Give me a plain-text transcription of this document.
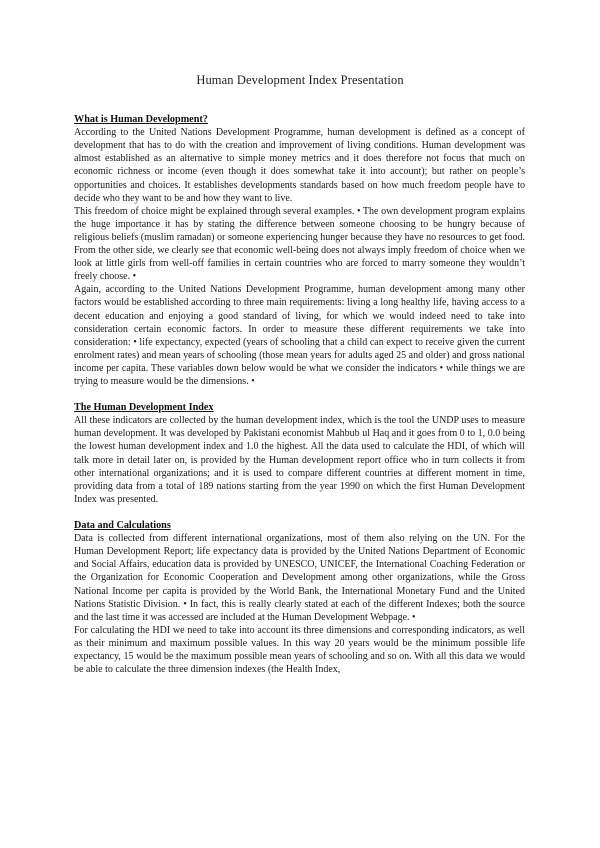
Human Development Index Presentation
What is Human Development?

According to the United Nations Development Programme, human development is defined as a concept of development that has to do with the creation and improvement of living conditions. Human development was almost established as an alternative to simple money metrics and it does therefore not focus that much on economic richness or income (even though it does somewhat take it into account); but rather on people’s opportunities and choices. It establishes developments standards based on how much freedom people have to decide who they want to be and how they want to live.

This freedom of choice might be explained through several examples. • The own development program explains the huge importance it has by stating the difference between someone choosing to be hungry because of religious beliefs (muslim ramadan) or someone experiencing hunger because they have no resources to get food. From the other side, we clearly see that economic well-being does not always imply freedom of choice when we look at little girls from well-off families in certain countries who are forced to marry someone they wouldn’t freely choose. •

Again, according to the United Nations Development Programme, human development among many other factors would be established according to three main requirements: living a long healthy life, having access to a decent education and enjoying a good standard of living, for which we would indeed need to take into consideration certain economic factors. In order to measure these different requirements we take into consideration: • life expectancy, expected (years of schooling that a child can expect to receive given the current enrolment rates) and mean years of schooling (those mean years for adults aged 25 and older) and gross national income per capita. These variables down below would be what we consider the indicators • while things we are trying to measure would be the dimensions. •

The Human Development Index

All these indicators are collected by the human development index, which is the tool the UNDP uses to measure human development. It was developed by Pakistani economist Mahbub ul Haq and it goes from 0 to 1, 0.0 being the lowest human development index and 1.0 the highest. All the data used to calculate the HDI, of which will talk more in detail later on, is provided by the Human development report office who in turn collects it from other international organizations; and it is used to compare different countries at different moment in time, providing data from a total of 189 nations starting from the year 1990 on which the first Human Development Index was presented.

Data and Calculations

Data is collected from different international organizations, most of them also relying on the UN. For the Human Development Report; life expectancy data is provided by the United Nations Department of Economic and Social Affairs, education data is provided by UNESCO, UNICEF, the International Coaching Federation or the Organization for Economic Cooperation and Development among other organizations, while the Gross National Income per capita is provided by the World Bank, the International Monetary Fund and the United Nations Statistic Division. • In fact, this is really clearly stated at each of the different Indexes; both the source and the last time it was accessed are included at the Human Development Webpage. •

For calculating the HDI we need to take into account its three dimensions and corresponding indicators, as well as their minimum and maximum possible values. In this way 20 years would be the minimum possible life expectancy, 15 would be the maximum possible mean years of schooling and so on. With all this data we would be able to calculate the three dimension indexes (the Health Index,
